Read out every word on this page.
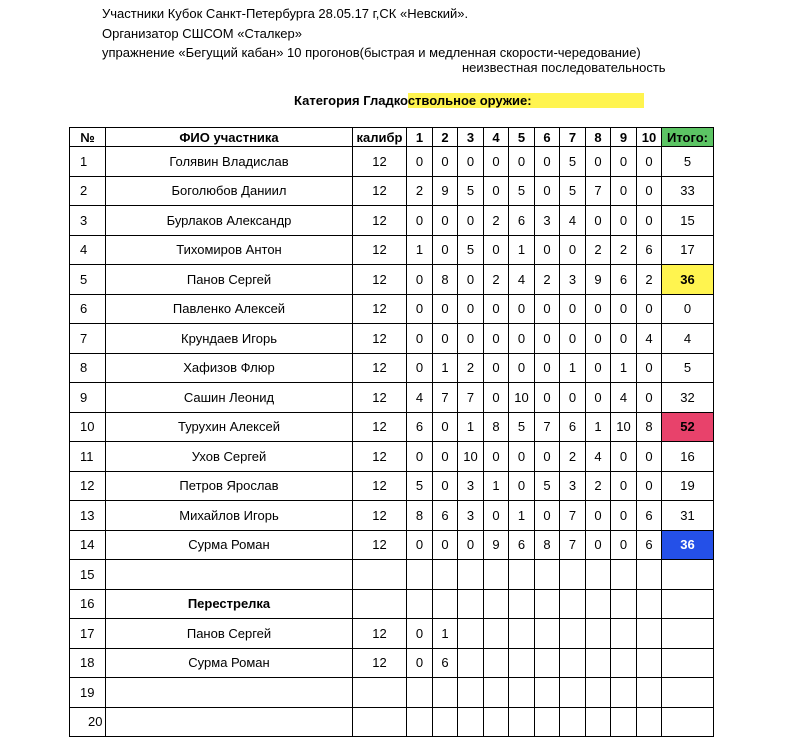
Участники Кубок Санкт-Петербурга 28.05.17 г,СК «Невский».
Организатор СШСОМ «Сталкер»
упражнение «Бегущий кабан» 10 прогонов(быстрая и медленная скорости-чередование)
неизвестная последовательность
Категория Гладкоствольное оружие:
№	ФИО участника	калибр	1	2	3	4	5	6	7	8	9	10	Итого:
1	Голявин Владислав	12	0	0	0	0	0	0	5	0	0	0	5
2	Боголюбов Даниил	12	2	9	5	0	5	0	5	7	0	0	33
3	Бурлаков Александр	12	0	0	0	2	6	3	4	0	0	0	15
4	Тихомиров Антон	12	1	0	5	0	1	0	0	2	2	6	17
5	Панов Сергей	12	0	8	0	2	4	2	3	9	6	2	36
6	Павленко Алексей	12	0	0	0	0	0	0	0	0	0	0	0
7	Крундаев Игорь	12	0	0	0	0	0	0	0	0	0	4	4
8	Хафизов Флюр	12	0	1	2	0	0	0	1	0	1	0	5
9	Сашин Леонид	12	4	7	7	0	10	0	0	0	4	0	32
10	Турухин Алексей	12	6	0	1	8	5	7	6	1	10	8	52
11	Ухов Сергей	12	0	0	10	0	0	0	2	4	0	0	16
12	Петров Ярослав	12	5	0	3	1	0	5	3	2	0	0	19
13	Михайлов Игорь	12	8	6	3	0	1	0	7	0	0	6	31
14	Сурма Роман	12	0	0	0	9	6	8	7	0	0	6	36
15													
16	Перестрелка												
17	Панов Сергей	12	0	1									
18	Сурма Роман	12	0	6									
19													
20													
